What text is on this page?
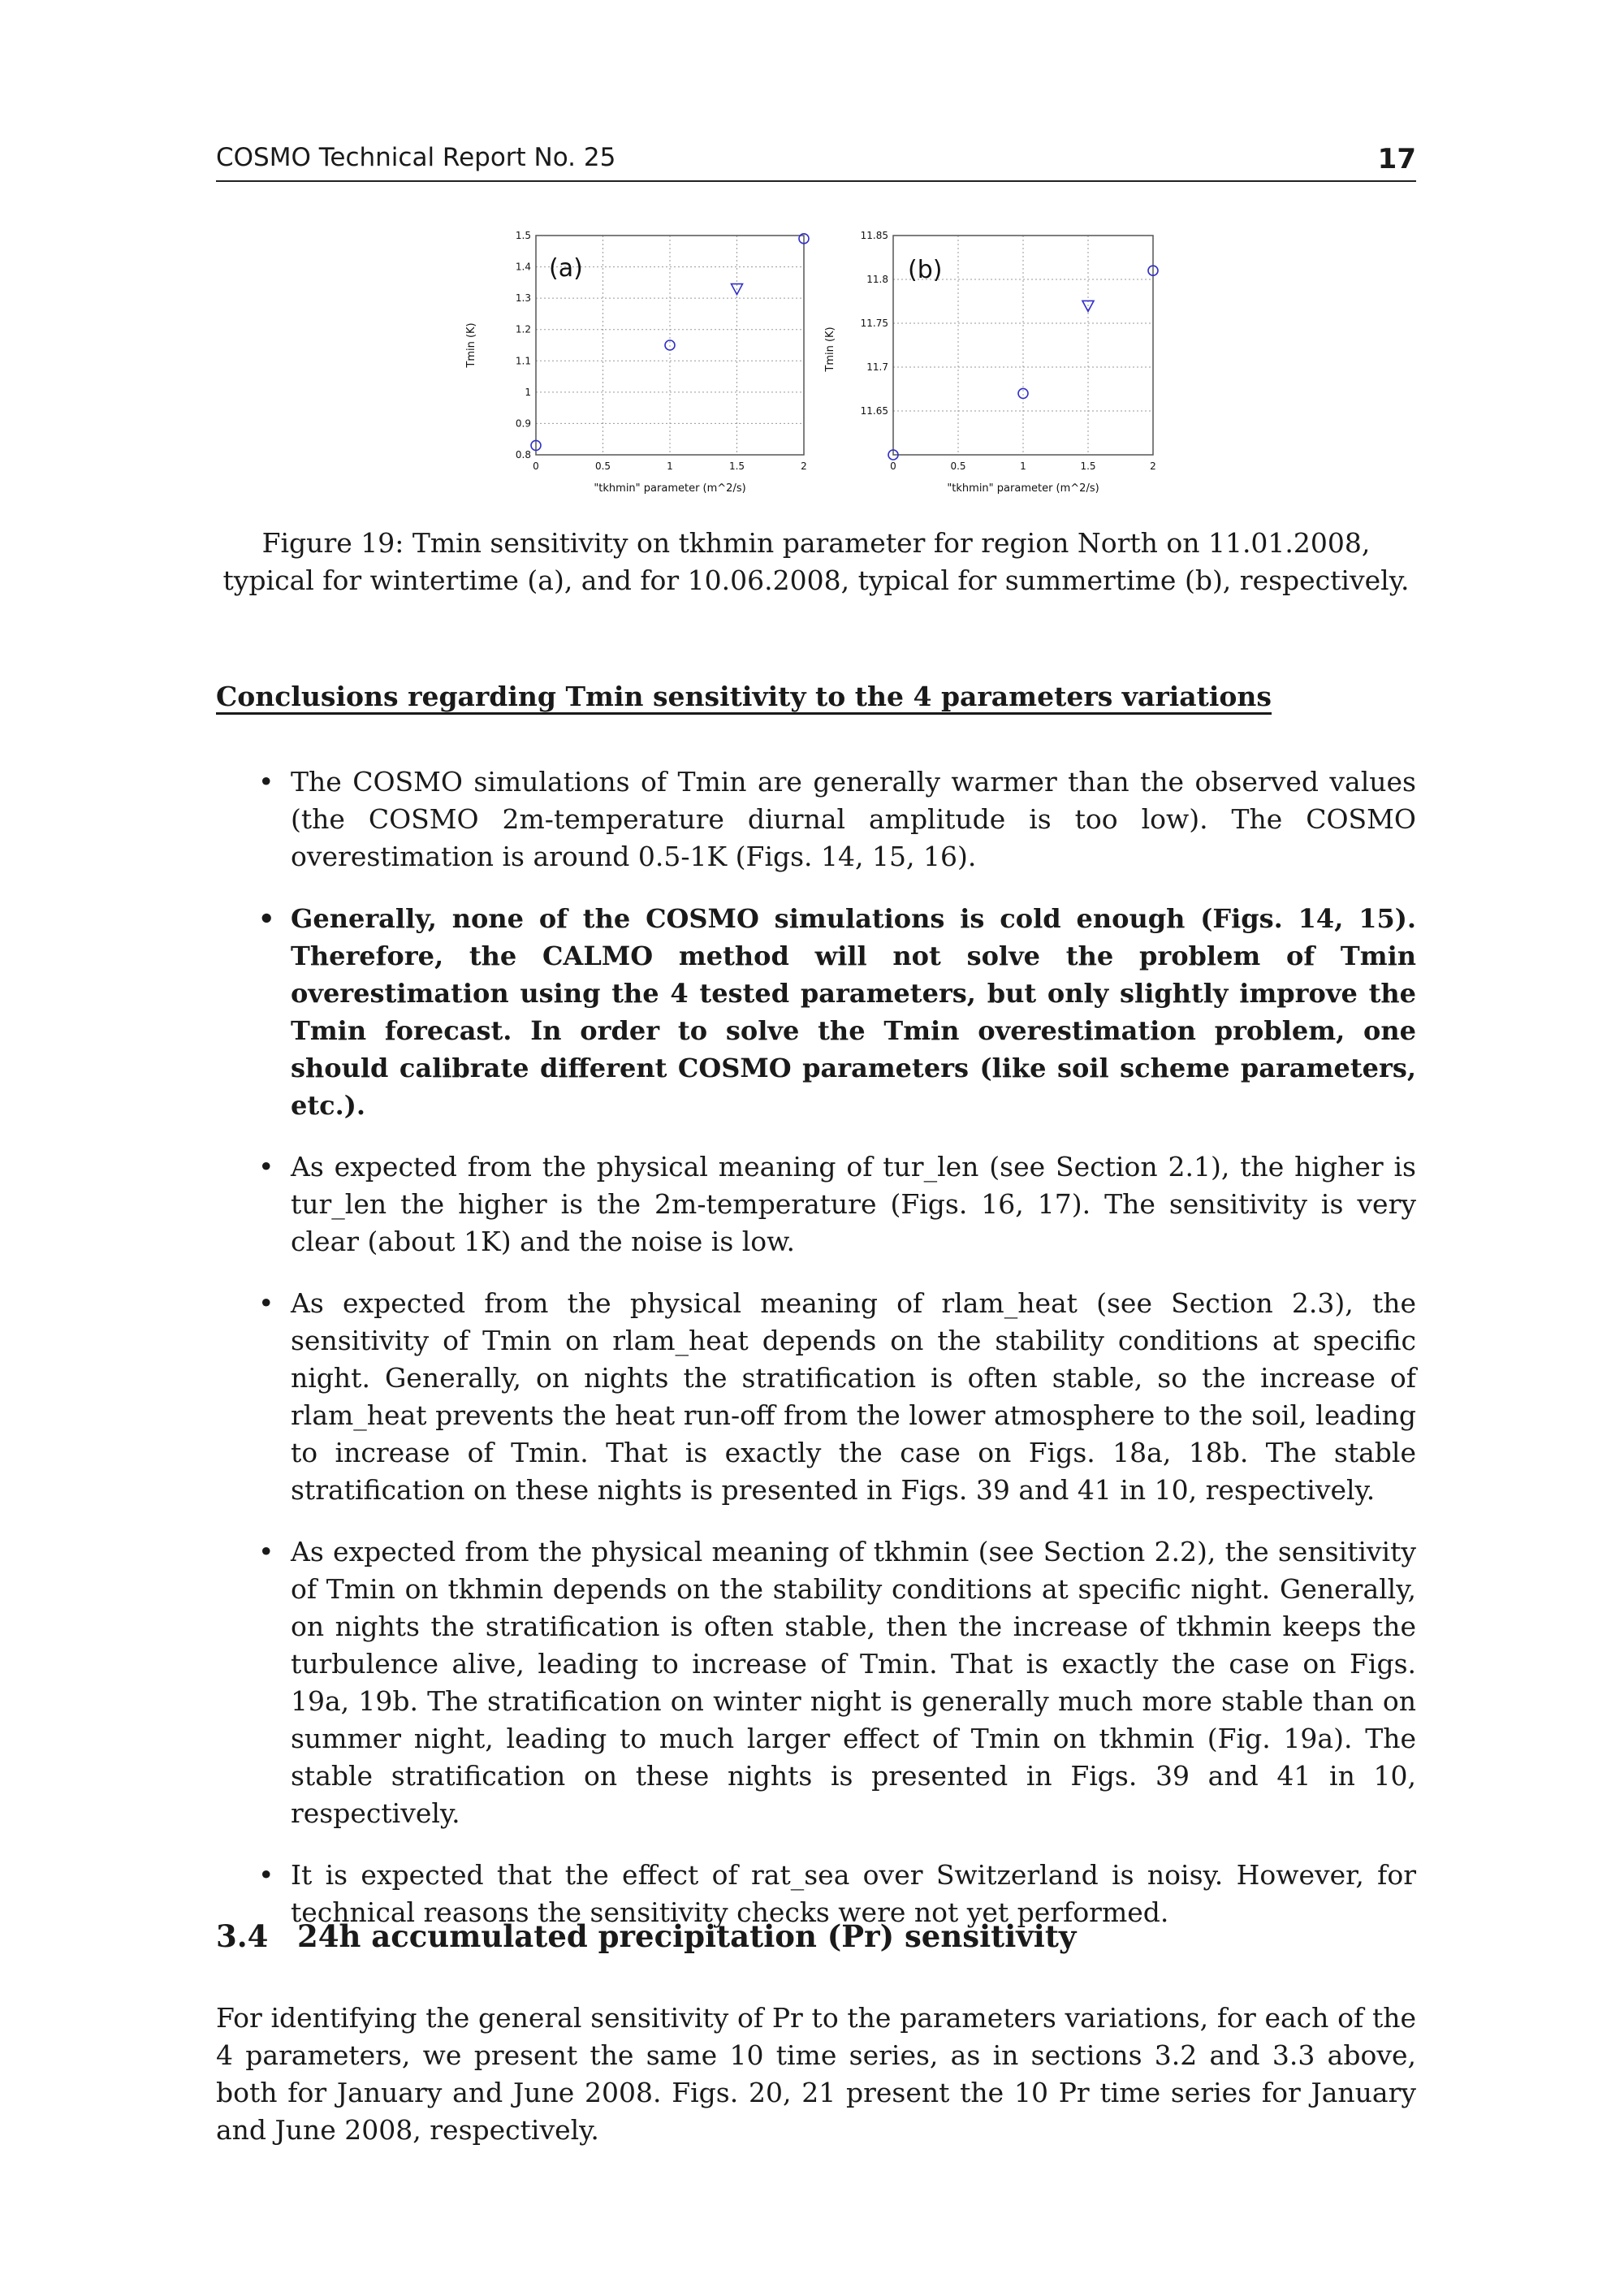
COSMO Technical Report No. 25	17
0.8
0.9
1
1.1
1.2
1.3
1.4
1.5
0	0.5	1	1.5	2
(a)
Tmin (K)
"tkhmin" parameter (m^2/s)
11.65
11.7
11.75
11.8
11.85
0	0.5	1	1.5	2
(b)
Tmin (K)
"tkhmin" parameter (m^2/s)
Figure 19: Tmin sensitivity on tkhmin parameter for region North on 11.01.2008, typical for wintertime (a), and for 10.06.2008, typical for summertime (b), respectively.
Conclusions regarding Tmin sensitivity to the 4 parameters variations
• The COSMO simulations of Tmin are generally warmer than the observed values (the COSMO 2m-temperature diurnal amplitude is too low). The COSMO overestimation is around 0.5-1K (Figs. 14, 15, 16).
• Generally, none of the COSMO simulations is cold enough (Figs. 14, 15). Therefore, the CALMO method will not solve the problem of Tmin overestimation using the 4 tested parameters, but only slightly improve the Tmin forecast. In order to solve the Tmin overestimation problem, one should calibrate different COSMO parameters (like soil scheme parameters, etc.).
• As expected from the physical meaning of tur_len (see Section 2.1), the higher is tur_len the higher is the 2m-temperature (Figs. 16, 17). The sensitivity is very clear (about 1K) and the noise is low.
• As expected from the physical meaning of rlam_heat (see Section 2.3), the sensitivity of Tmin on rlam_heat depends on the stability conditions at specific night. Generally, on nights the stratification is often stable, so the increase of rlam_heat prevents the heat run-off from the lower atmosphere to the soil, leading to increase of Tmin. That is exactly the case on Figs. 18a, 18b. The stable stratification on these nights is presented in Figs. 39 and 41 in 10, respectively.
• As expected from the physical meaning of tkhmin (see Section 2.2), the sensitivity of Tmin on tkhmin depends on the stability conditions at specific night. Generally, on nights the stratification is often stable, then the increase of tkhmin keeps the turbulence alive, leading to increase of Tmin. That is exactly the case on Figs. 19a, 19b. The stratification on winter night is generally much more stable than on summer night, leading to much larger effect of Tmin on tkhmin (Fig. 19a). The stable stratification on these nights is presented in Figs. 39 and 41 in 10, respectively.
• It is expected that the effect of rat_sea over Switzerland is noisy. However, for technical reasons the sensitivity checks were not yet performed.
3.4 24h accumulated precipitation (Pr) sensitivity
For identifying the general sensitivity of Pr to the parameters variations, for each of the 4 parameters, we present the same 10 time series, as in sections 3.2 and 3.3 above, both for January and June 2008. Figs. 20, 21 present the 10 Pr time series for January and June 2008, respectively.
